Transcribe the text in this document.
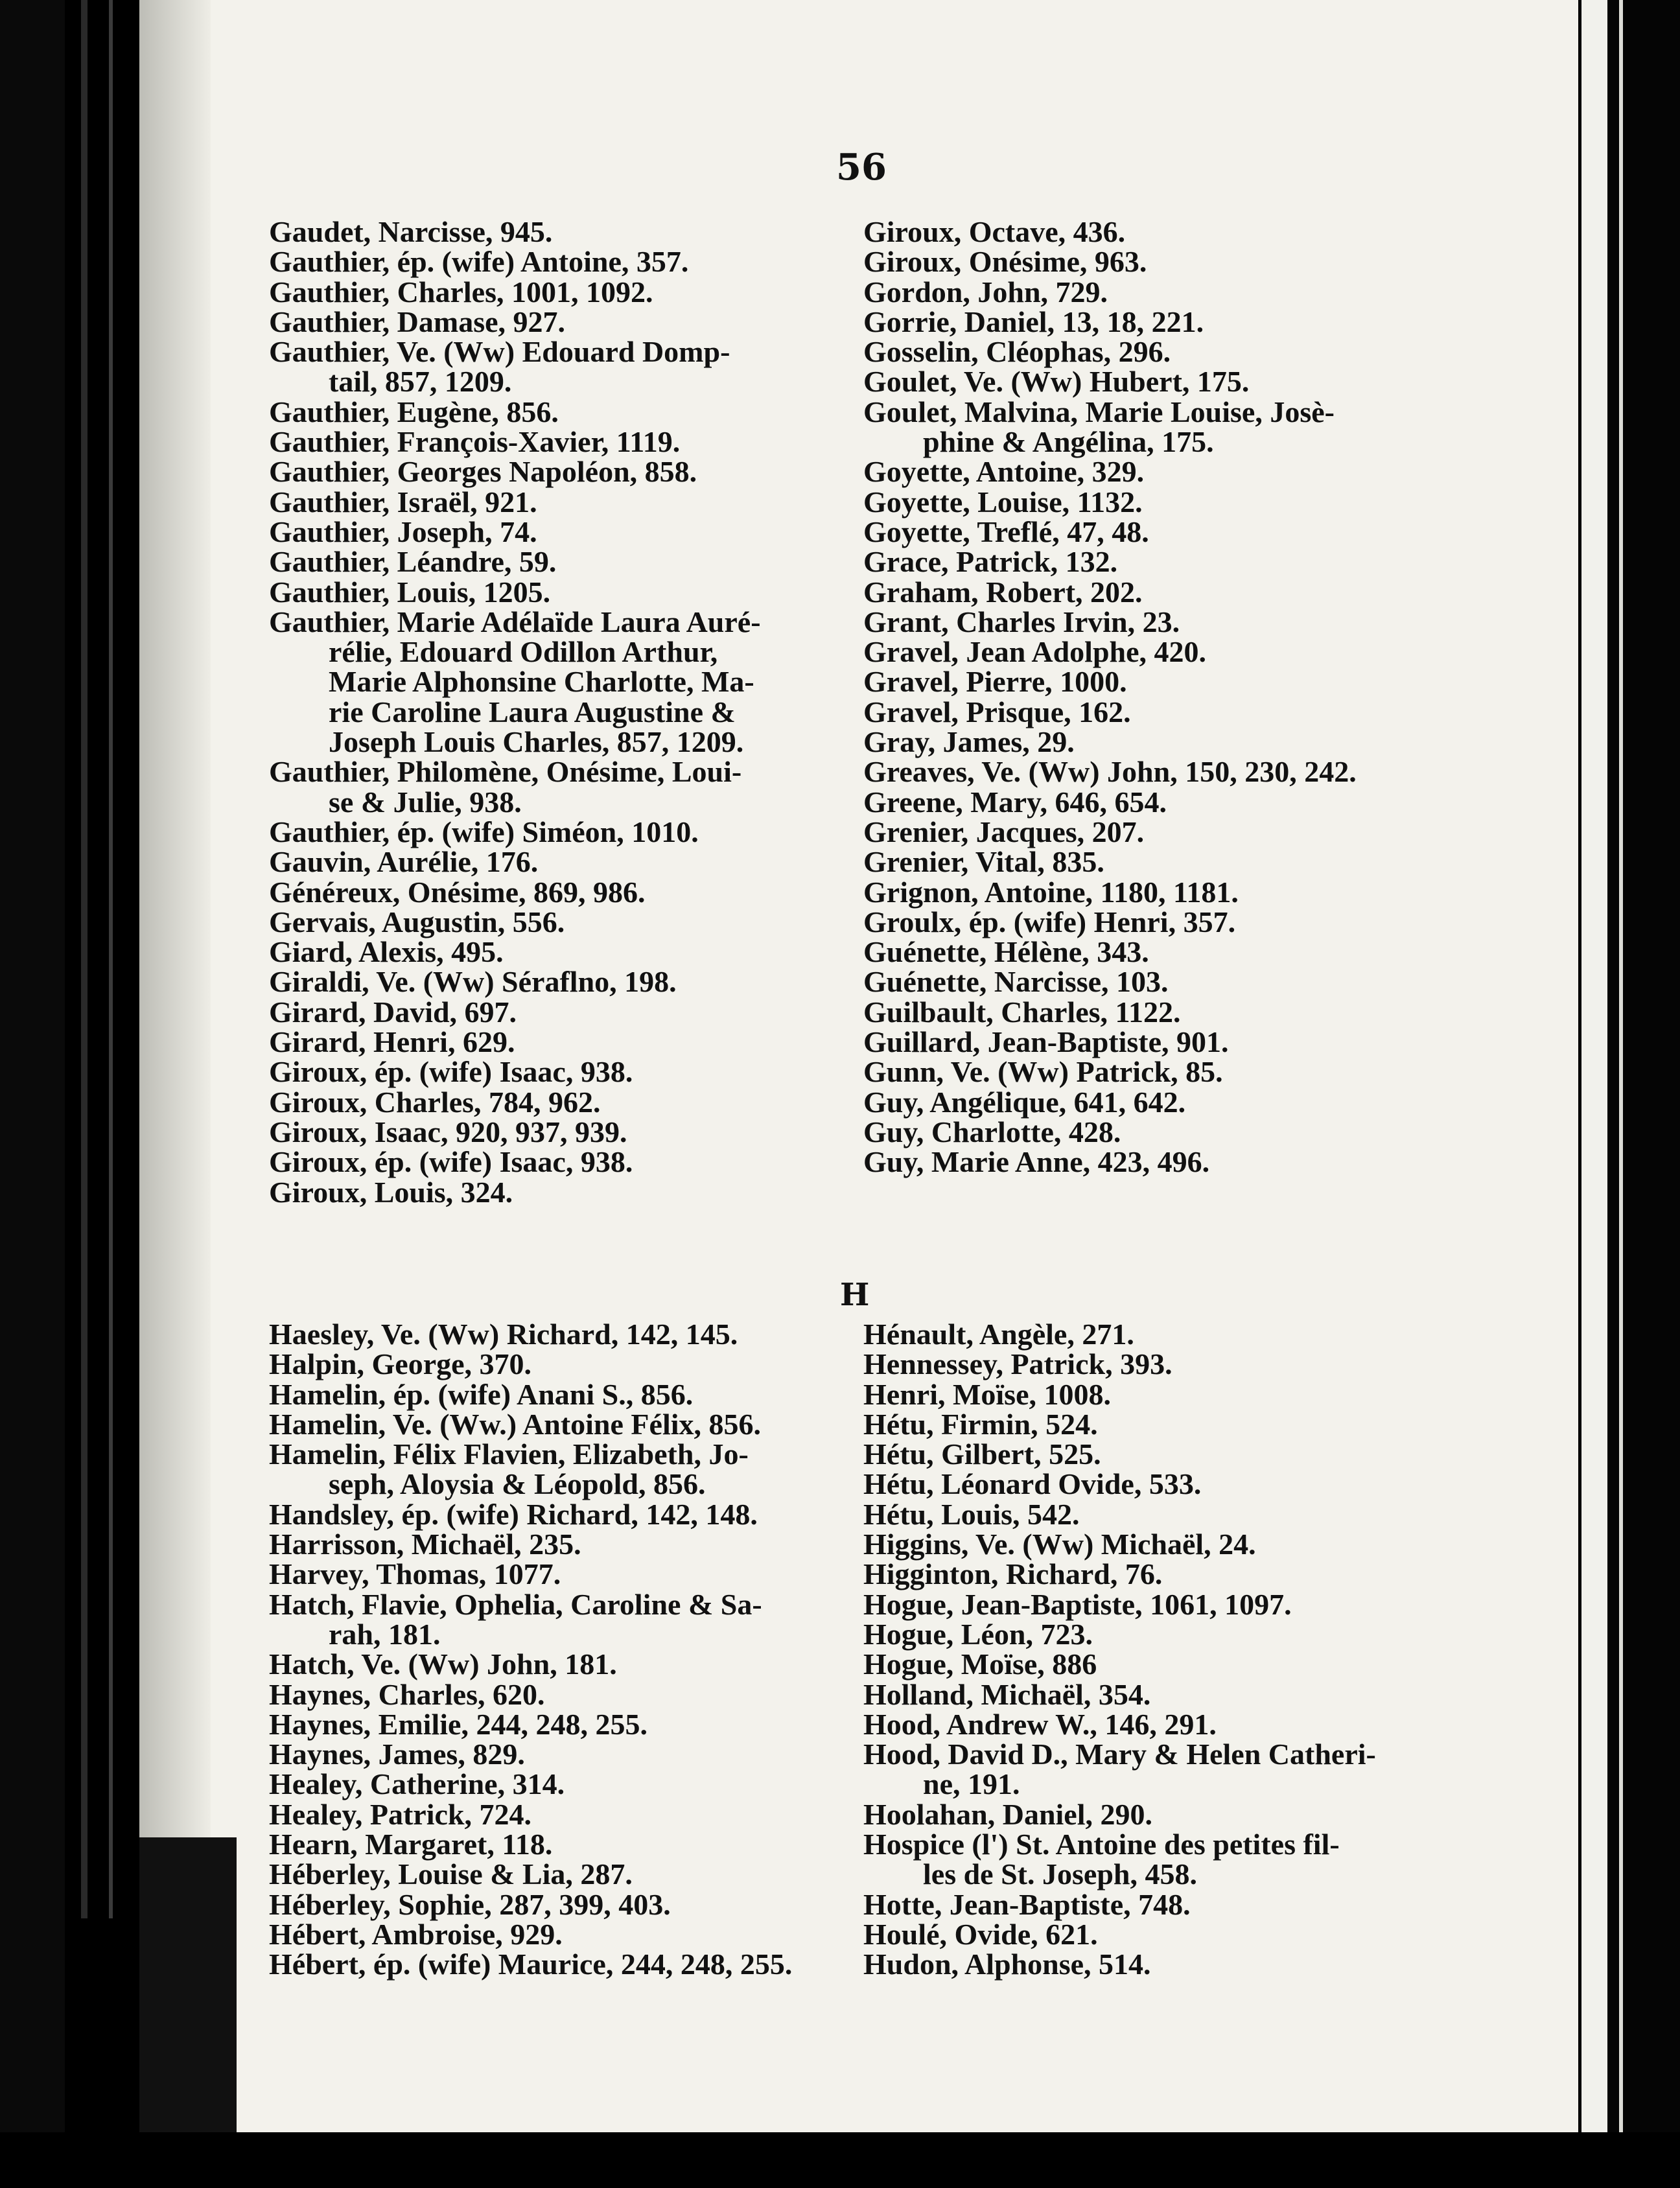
56

Gaudet, Narcisse, 945.

Gauthier, ép. (wife) Antoine, 357.

Gauthier, Charles, 1001, 1092.

Gauthier, Damase, 927.

Gauthier, Ve. (Ww) Edouard Domp-
tail, 857, 1209.

Gauthier, Eugène, 856.

Gauthier, François-Xavier, 1119.

Gauthier, Georges Napoléon, 858.

Gauthier, Israël, 921.

Gauthier, Joseph, 74.

Gauthier, Léandre, 59.

Gauthier, Louis, 1205.

Gauthier, Marie Adélaïde Laura Auré-
rélie, Edouard Odillon Arthur,
Marie Alphonsine Charlotte, Ma-
rie Caroline Laura Augustine &
Joseph Louis Charles, 857, 1209.

Gauthier, Philomène, Onésime, Loui-
se & Julie, 938.

Gauthier, ép. (wife) Siméon, 1010.

Gauvin, Aurélie, 176.

Généreux, Onésime, 869, 986.

Gervais, Augustin, 556.

Giard, Alexis, 495.

Giraldi, Ve. (Ww) Séraflno, 198.

Girard, David, 697.

Girard, Henri, 629.

Giroux, ép. (wife) Isaac, 938.

Giroux, Charles, 784, 962.

Giroux, Isaac, 920, 937, 939.

Giroux, ép. (wife) Isaac, 938.

Giroux, Louis, 324.

Giroux, Octave, 436.

Giroux, Onésime, 963.

Gordon, John, 729.

Gorrie, Daniel, 13, 18, 221.

Gosselin, Cléophas, 296.

Goulet, Ve. (Ww) Hubert, 175.

Goulet, Malvina, Marie Louise, Josè-
phine & Angélina, 175.

Goyette, Antoine, 329.

Goyette, Louise, 1132.

Goyette, Treflé, 47, 48.

Grace, Patrick, 132.

Graham, Robert, 202.

Grant, Charles Irvin, 23.

Gravel, Jean Adolphe, 420.

Gravel, Pierre, 1000.

Gravel, Prisque, 162.

Gray, James, 29.

Greaves, Ve. (Ww) John, 150, 230, 242.

Greene, Mary, 646, 654.

Grenier, Jacques, 207.

Grenier, Vital, 835.

Grignon, Antoine, 1180, 1181.

Groulx, ép. (wife) Henri, 357.

Guénette, Hélène, 343.

Guénette, Narcisse, 103.

Guilbault, Charles, 1122.

Guillard, Jean-Baptiste, 901.

Gunn, Ve. (Ww) Patrick, 85.

Guy, Angélique, 641, 642.

Guy, Charlotte, 428.

Guy, Marie Anne, 423, 496.

H

Haesley, Ve. (Ww) Richard, 142, 145.

Halpin, George, 370.

Hamelin, ép. (wife) Anani S., 856.

Hamelin, Ve. (Ww.) Antoine Félix, 856.

Hamelin, Félix Flavien, Elizabeth, Jo-
seph, Aloysia & Léopold, 856.

Handsley, ép. (wife) Richard, 142, 148.

Harrisson, Michaël, 235.

Harvey, Thomas, 1077.

Hatch, Flavie, Ophelia, Caroline & Sa-
rah, 181.

Hatch, Ve. (Ww) John, 181.

Haynes, Charles, 620.

Haynes, Emilie, 244, 248, 255.

Haynes, James, 829.

Healey, Catherine, 314.

Healey, Patrick, 724.

Hearn, Margaret, 118.

Héberley, Louise & Lia, 287.

Héberley, Sophie, 287, 399, 403.

Hébert, Ambroise, 929.

Hébert, ép. (wife) Maurice, 244, 248, 255.

Hénault, Angèle, 271.

Hennessey, Patrick, 393.

Henri, Moïse, 1008.

Hétu, Firmin, 524.

Hétu, Gilbert, 525.

Hétu, Léonard Ovide, 533.

Hétu, Louis, 542.

Higgins, Ve. (Ww) Michaël, 24.

Higginton, Richard, 76.

Hogue, Jean-Baptiste, 1061, 1097.

Hogue, Léon, 723.

Hogue, Moïse, 886

Holland, Michaël, 354.

Hood, Andrew W., 146, 291.

Hood, David D., Mary & Helen Catheri-
ne, 191.

Hoolahan, Daniel, 290.

Hospice (l') St. Antoine des petites fil-
les de St. Joseph, 458.

Hotte, Jean-Baptiste, 748.

Houlé, Ovide, 621.

Hudon, Alphonse, 514.
